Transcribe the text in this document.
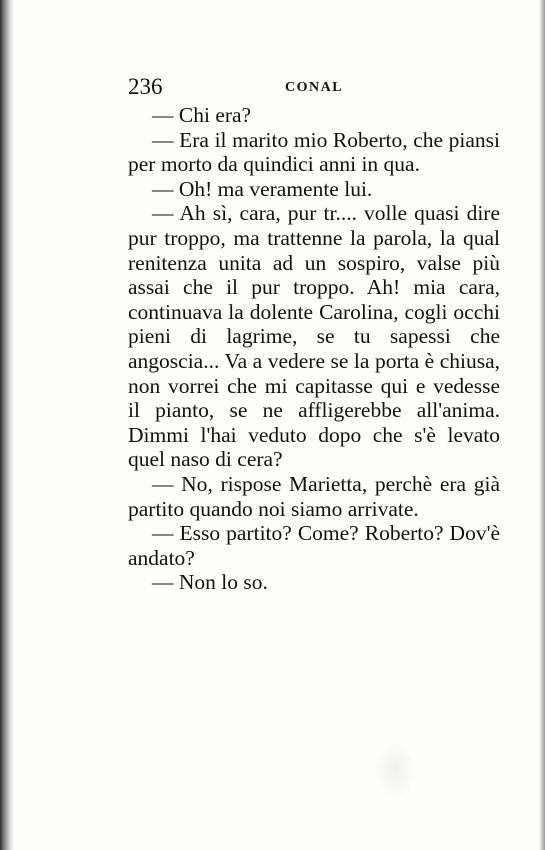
236	CONAL

— Chi era?

— Era il marito mio Roberto, che piansi per morto da quindici anni in qua.

— Oh! ma veramente lui.

— Ah sì, cara, pur tr.... volle quasi dire pur troppo, ma trattenne la parola, la qual renitenza unita ad un sospiro, valse più assai che il pur troppo. Ah! mia cara, continuava la dolente Carolina, cogli occhi pieni di lagrime, se tu sapessi che angoscia... Va a vedere se la porta è chiusa, non vorrei che mi capitasse qui e vedesse il pianto, se ne affligerebbe all'anima. Dimmi l'hai veduto dopo che s'è levato quel naso di cera?

— No, rispose Marietta, perchè era già partito quando noi siamo arrivate.

— Esso partito? Come? Roberto? Dov'è andato?

— Non lo so.
